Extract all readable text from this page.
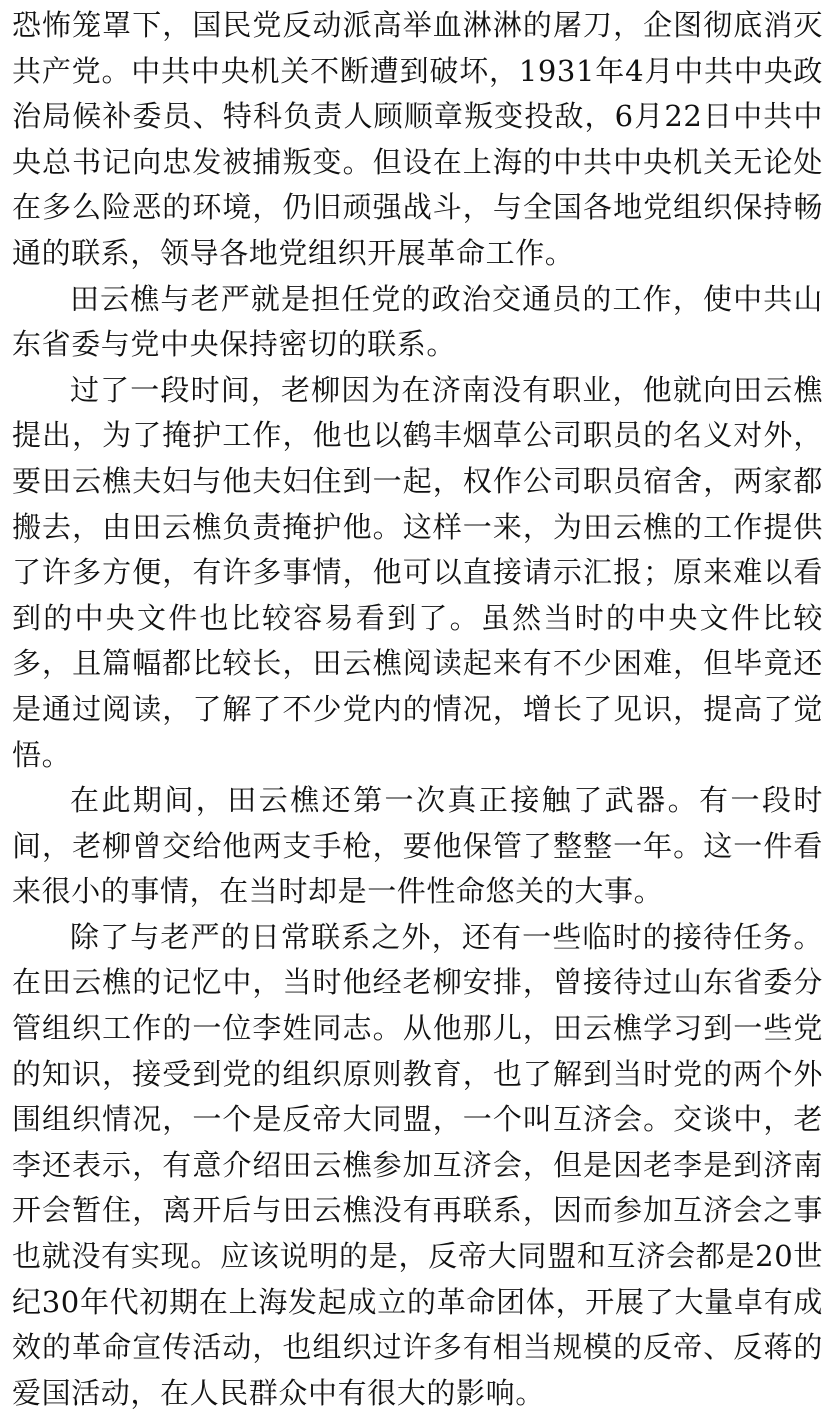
恐怖笼罩下，国民党反动派高举血淋淋的屠刀，企图彻底消灭共产党。中共中央机关不断遭到破坏，1931年4月中共中央政治局候补委员、特科负责人顾顺章叛变投敌，6月22日中共中央总书记向忠发被捕叛变。但设在上海的中共中央机关无论处在多么险恶的环境，仍旧顽强战斗，与全国各地党组织保持畅通的联系，领导各地党组织开展革命工作。

田云樵与老严就是担任党的政治交通员的工作，使中共山东省委与党中央保持密切的联系。

过了一段时间，老柳因为在济南没有职业，他就向田云樵提出，为了掩护工作，他也以鹤丰烟草公司职员的名义对外，要田云樵夫妇与他夫妇住到一起，权作公司职员宿舍，两家都搬去，由田云樵负责掩护他。这样一来，为田云樵的工作提供了许多方便，有许多事情，他可以直接请示汇报；原来难以看到的中央文件也比较容易看到了。虽然当时的中央文件比较多，且篇幅都比较长，田云樵阅读起来有不少困难，但毕竟还是通过阅读，了解了不少党内的情况，增长了见识，提高了觉悟。

在此期间，田云樵还第一次真正接触了武器。有一段时间，老柳曾交给他两支手枪，要他保管了整整一年。这一件看来很小的事情，在当时却是一件性命悠关的大事。

除了与老严的日常联系之外，还有一些临时的接待任务。在田云樵的记忆中，当时他经老柳安排，曾接待过山东省委分管组织工作的一位李姓同志。从他那儿，田云樵学习到一些党的知识，接受到党的组织原则教育，也了解到当时党的两个外围组织情况，一个是反帝大同盟，一个叫互济会。交谈中，老李还表示，有意介绍田云樵参加互济会，但是因老李是到济南开会暂住，离开后与田云樵没有再联系，因而参加互济会之事也就没有实现。应该说明的是，反帝大同盟和互济会都是20世纪30年代初期在上海发起成立的革命团体，开展了大量卓有成效的革命宣传活动，也组织过许多有相当规模的反帝、反蒋的爱国活动，在人民群众中有很大的影响。
